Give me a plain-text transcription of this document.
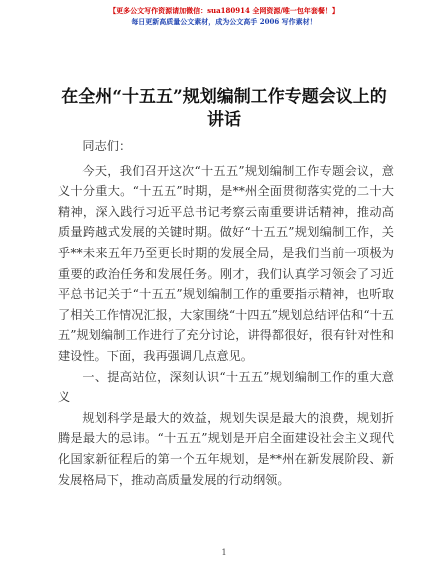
【更多公文写作资源请加微信：sua180914 全网资源/唯一包年套餐！】
每日更新高质量公文素材，成为公文高手 2006 写作素材！
在全州“十五五”规划编制工作专题会议上的讲话

同志们：

今天，我们召开这次“十五五”规划编制工作专题会议，意义十分重大。“十五五”时期，是**州全面贯彻落实党的二十大精神，深入践行习近平总书记考察云南重要讲话精神，推动高质量跨越式发展的关键时期。做好“十五五”规划编制工作，关乎**未来五年乃至更长时期的发展全局，是我们当前一项极为重要的政治任务和发展任务。刚才，我们认真学习领会了习近平总书记关于“十五五”规划编制工作的重要指示精神，也听取了相关工作情况汇报，大家围绕“十四五”规划总结评估和“十五五”规划编制工作进行了充分讨论，讲得都很好，很有针对性和建设性。下面，我再强调几点意见。

一、提高站位，深刻认识“十五五”规划编制工作的重大意义

规划科学是最大的效益，规划失误是最大的浪费，规划折腾是最大的忌讳。“十五五”规划是开启全面建设社会主义现代化国家新征程后的第一个五年规划，是**州在新发展阶段、新发展格局下，推动高质量发展的行动纲领。

1
